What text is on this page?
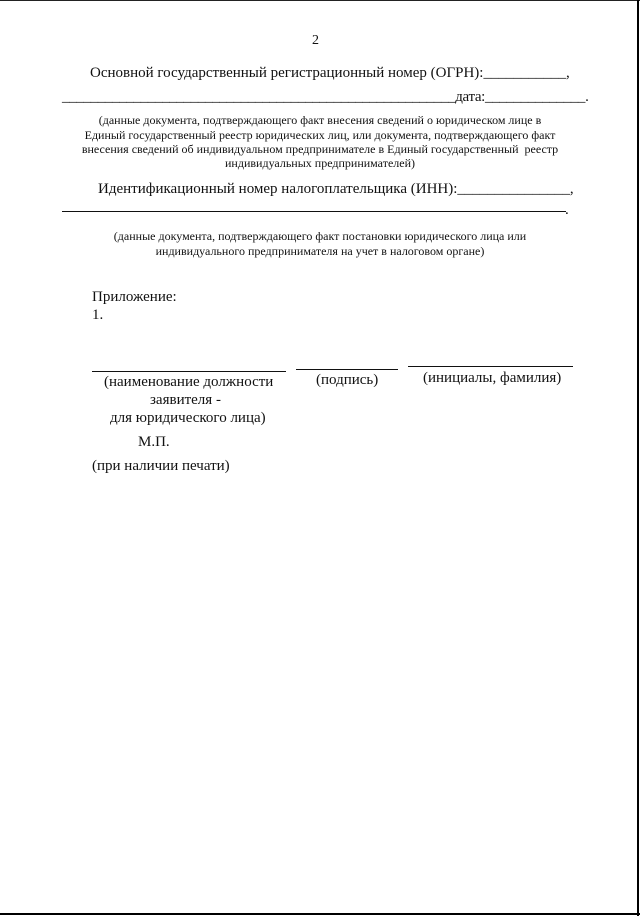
2
Основной государственный регистрационный номер (ОГРН):___________,
_______________________________________________________дата:______________.
(данные документа, подтверждающего факт внесения сведений о юридическом лице в
Единый государственный реестр юридических лиц, или документа, подтверждающего факт
внесения сведений об индивидуальном предпринимателе в Единый государственный  реестр
индивидуальных предпринимателей)
Идентификационный номер налогоплательщика (ИНН):_______________,
.
(данные документа, подтверждающего факт постановки юридического лица или
индивидуального предпринимателя на учет в налоговом органе)
Приложение:
1.
(наименование должности
заявителя -
для юридического лица)
(подпись)	(инициалы, фамилия)
М.П.
(при наличии печати)
